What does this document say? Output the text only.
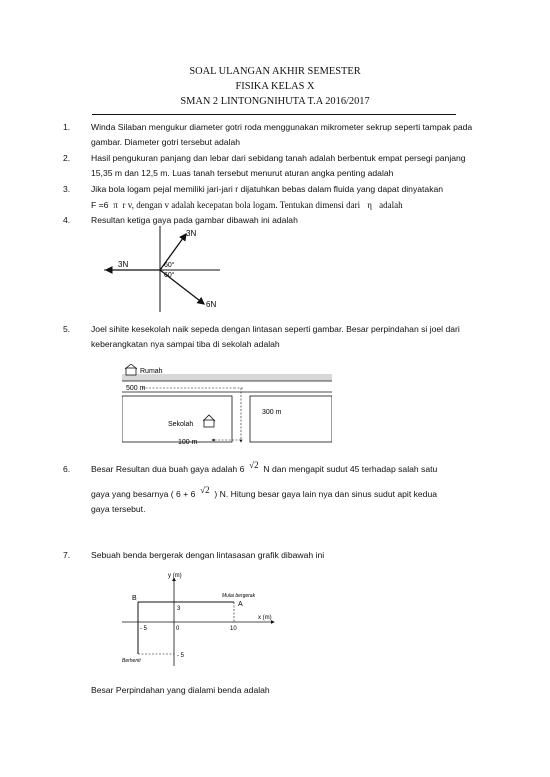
SOAL ULANGAN AKHIR SEMESTER
FISIKA KELAS X
SMAN 2 LINTONGNIHUTA T.A 2016/2017
1. Winda Silaban mengukur diameter gotri roda menggunakan mikrometer sekrup seperti tampak pada gambar. Diameter gotri tersebut adalah
2. Hasil pengukuran panjang dan lebar dari sebidang tanah adalah berbentuk empat persegi panjang 15,35 m dan 12,5 m. Luas tanah tersebut menurut aturan angka penting adalah
3. Jika bola logam pejal memiliki jari-jari r dijatuhkan bebas dalam fluida yang dapat dinyatakan
F =6 π r v, dengan v adalah kecepatan bola logam. Tentukan dimensi dari η adalah
4. Resultan ketiga gaya pada gambar dibawah ini adalah
3N
3N
6N
60°
60°
5. Joel sihite kesekolah naik sepeda dengan lintasan seperti gambar. Besar perpindahan si joel dari keberangkatan nya sampai tiba di sekolah adalah
Rumah
500 m
300 m
Sekolah
100 m
6. Besar Resultan dua buah gaya adalah 6 √2 N dan mengapit sudut 45 terhadap salah satu
gaya yang besarnya ( 6 + 6 √2 ) N. Hitung besar gaya lain nya dan sinus sudut apit kedua
gaya tersebut.
7. Sebuah benda bergerak dengan lintasasan grafik dibawah ini
y (m)
x (m)
B
A
Mulai bergerak
Berhenti
3
- 5	0	10
- 5
Besar Perpindahan yang dialami benda adalah
